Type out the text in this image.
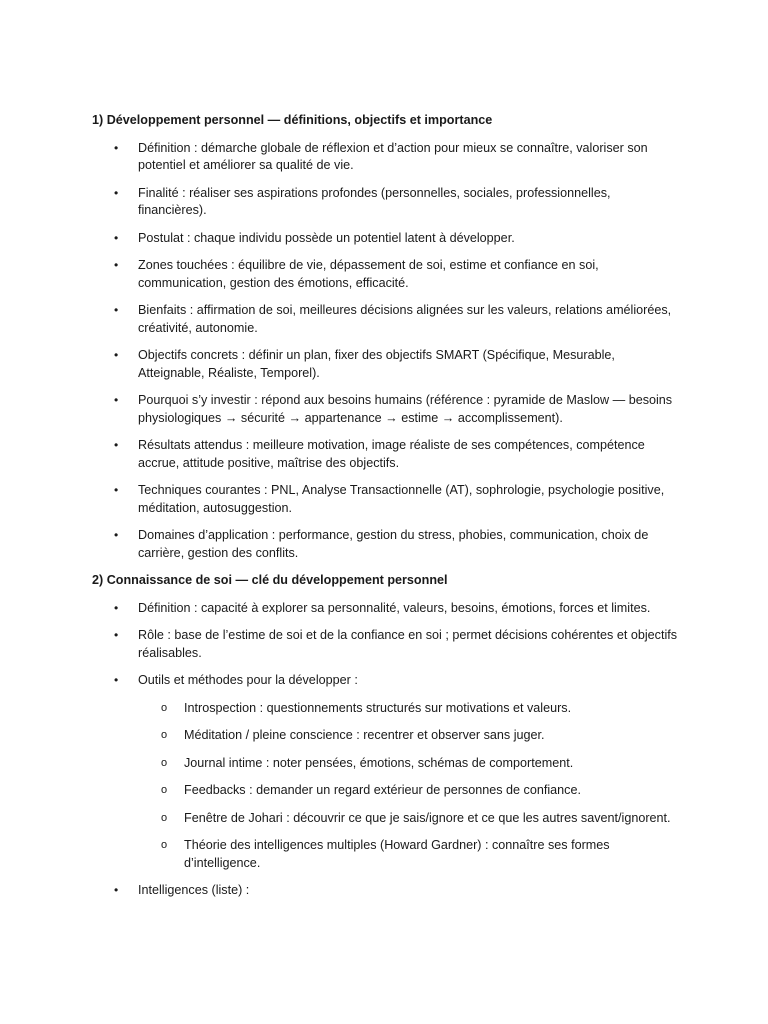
1) Développement personnel — définitions, objectifs et importance
• Définition : démarche globale de réflexion et d’action pour mieux se connaître, valoriser son potentiel et améliorer sa qualité de vie.
• Finalité : réaliser ses aspirations profondes (personnelles, sociales, professionnelles, financières).
• Postulat : chaque individu possède un potentiel latent à développer.
• Zones touchées : équilibre de vie, dépassement de soi, estime et confiance en soi, communication, gestion des émotions, efficacité.
• Bienfaits : affirmation de soi, meilleures décisions alignées sur les valeurs, relations améliorées, créativité, autonomie.
• Objectifs concrets : définir un plan, fixer des objectifs SMART (Spécifique, Mesurable, Atteignable, Réaliste, Temporel).
• Pourquoi s’y investir : répond aux besoins humains (référence : pyramide de Maslow — besoins physiologiques → sécurité → appartenance → estime → accomplissement).
• Résultats attendus : meilleure motivation, image réaliste de ses compétences, compétence accrue, attitude positive, maîtrise des objectifs.
• Techniques courantes : PNL, Analyse Transactionnelle (AT), sophrologie, psychologie positive, méditation, autosuggestion.
• Domaines d’application : performance, gestion du stress, phobies, communication, choix de carrière, gestion des conflits.
2) Connaissance de soi — clé du développement personnel
• Définition : capacité à explorer sa personnalité, valeurs, besoins, émotions, forces et limites.
• Rôle : base de l’estime de soi et de la confiance en soi ; permet décisions cohérentes et objectifs réalisables.
• Outils et méthodes pour la développer :
o Introspection : questionnements structurés sur motivations et valeurs.
o Méditation / pleine conscience : recentrer et observer sans juger.
o Journal intime : noter pensées, émotions, schémas de comportement.
o Feedbacks : demander un regard extérieur de personnes de confiance.
o Fenêtre de Johari : découvrir ce que je sais/ignore et ce que les autres savent/ignorent.
o Théorie des intelligences multiples (Howard Gardner) : connaître ses formes d’intelligence.
• Intelligences (liste) :
